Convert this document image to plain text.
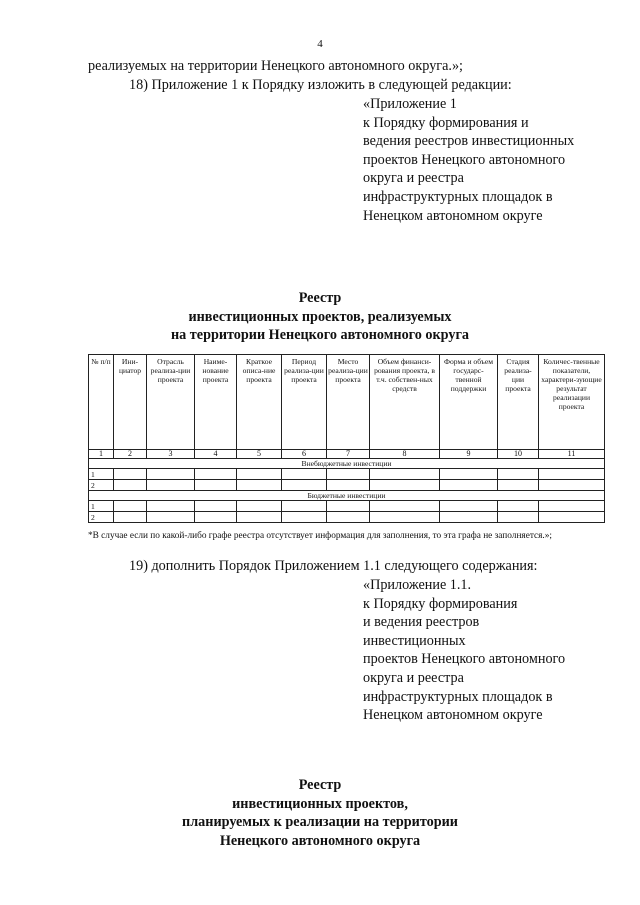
4
реализуемых на территории Ненецкого автономного округа.»;
18) Приложение 1 к Порядку изложить в следующей редакции:
«Приложение 1
к Порядку формирования и
ведения реестров инвестиционных
проектов Ненецкого автономного
округа и реестра
инфраструктурных площадок в
Ненецком автономном округе
Реестр
инвестиционных проектов, реализуемых
на территории Ненецкого автономного округа
№ п/п	Ини-циатор	Отрасль реализа-ции проекта	Наиме-нование проекта	Краткое описа-ние проекта	Период реализа-ции проекта	Место реализа-ции проекта	Объем финанси-рования проекта, в т.ч. собствен-ных средств	Форма и объем государс-твенной поддержки	Стадия реализа-ции проекта	Количес-твенные показатели, характери-зующие результат реализации проекта
1	2	3	4	5	6	7	8	9	10	11
Внебюджетные инвестиции										
1										
2										
Бюджетные инвестиции										
1										
2										
*В случае если по какой-либо графе реестра отсутствует информация для заполнения, то эта графа не заполняется.»;
19) дополнить Порядок Приложением 1.1 следующего содержания:
«Приложение 1.1.
к Порядку формирования
и ведения реестров
инвестиционных
проектов Ненецкого автономного
округа и реестра
инфраструктурных площадок в
Ненецком автономном округе
Реестр
инвестиционных проектов,
планируемых к реализации на территории
Ненецкого автономного округа
